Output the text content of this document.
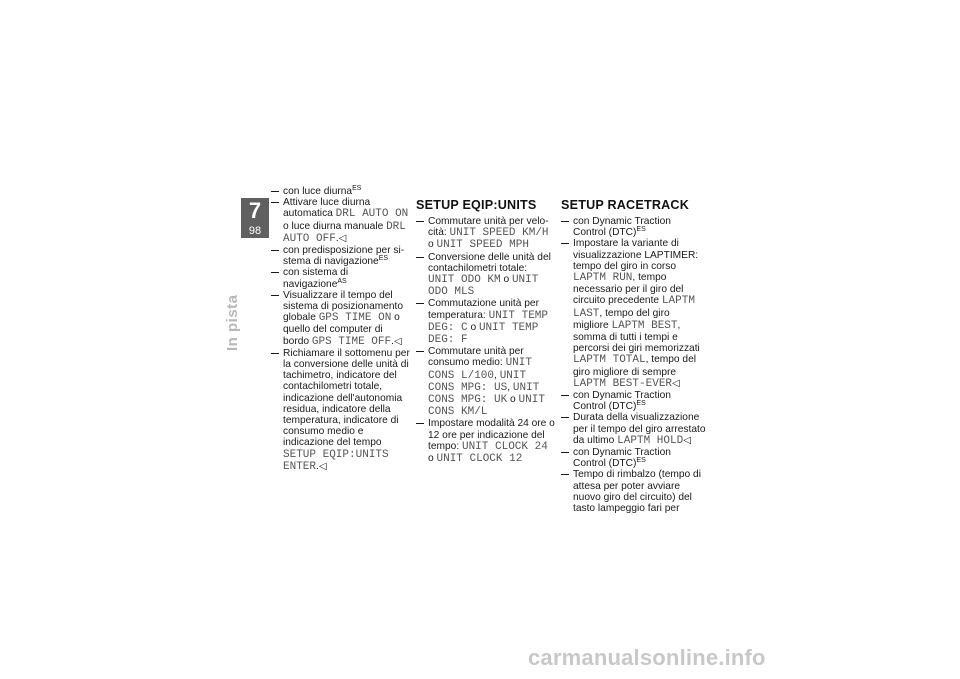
7
98
In pista

con luce diurna$^{ES}$

Attivare luce diurna automatica DRL AUTO ON o luce diurna manuale DRL AUTO OFF.◁

con predisposizione per sistema di navigazione$^{ES}$

con sistema di navigazione$^{AS}$

Visualizzare il tempo del sistema di posizionamento globale GPS TIME ON o quello del computer di bordo GPS TIME OFF.◁

Richiamare il sottomenu per la conversione delle unità di tachimetro, indicatore del contachilometri totale, indicazione dell'autonomia residua, indicatore della temperatura, indicatore di consumo medio e indicazione del tempo SETUP EQIP:UNITS ENTER.◁

SETUP EQIP:UNITS

Commutare unità per velocità: UNIT SPEED KM/H o UNIT SPEED MPH

Conversione delle unità del contachilometri totale: UNIT ODO KM o UNIT ODO MLS

Commutazione unità per temperatura: UNIT TEMP DEG: C o UNIT TEMP DEG: F

Commutare unità per consumo medio: UNIT CONS L/100, UNIT CONS MPG: US, UNIT CONS MPG: UK o UNIT CONS KM/L

Impostare modalità 24 ore o 12 ore per indicazione del tempo: UNIT CLOCK 24 o UNIT CLOCK 12

SETUP RACETRACK

con Dynamic Traction Control (DTC)$^{ES}$

Impostare la variante di visualizzazione LAPTIMER: tempo del giro in corso LAPTM RUN, tempo necessario per il giro del circuito precedente LAPTM LAST, tempo del giro migliore LAPTM BEST, somma di tutti i tempi e percorsi dei giri memorizzati LAPTM TOTAL, tempo del giro migliore di sempre LAPTM BEST-EVER◁

con Dynamic Traction Control (DTC)$^{ES}$

Durata della visualizzazione per il tempo del giro arrestato da ultimo LAPTM HOLD◁

con Dynamic Traction Control (DTC)$^{ES}$

Tempo di rimbalzo (tempo di attesa per poter avviare nuovo giro del circuito) del tasto lampeggio fari per

carmanualsonline.info
